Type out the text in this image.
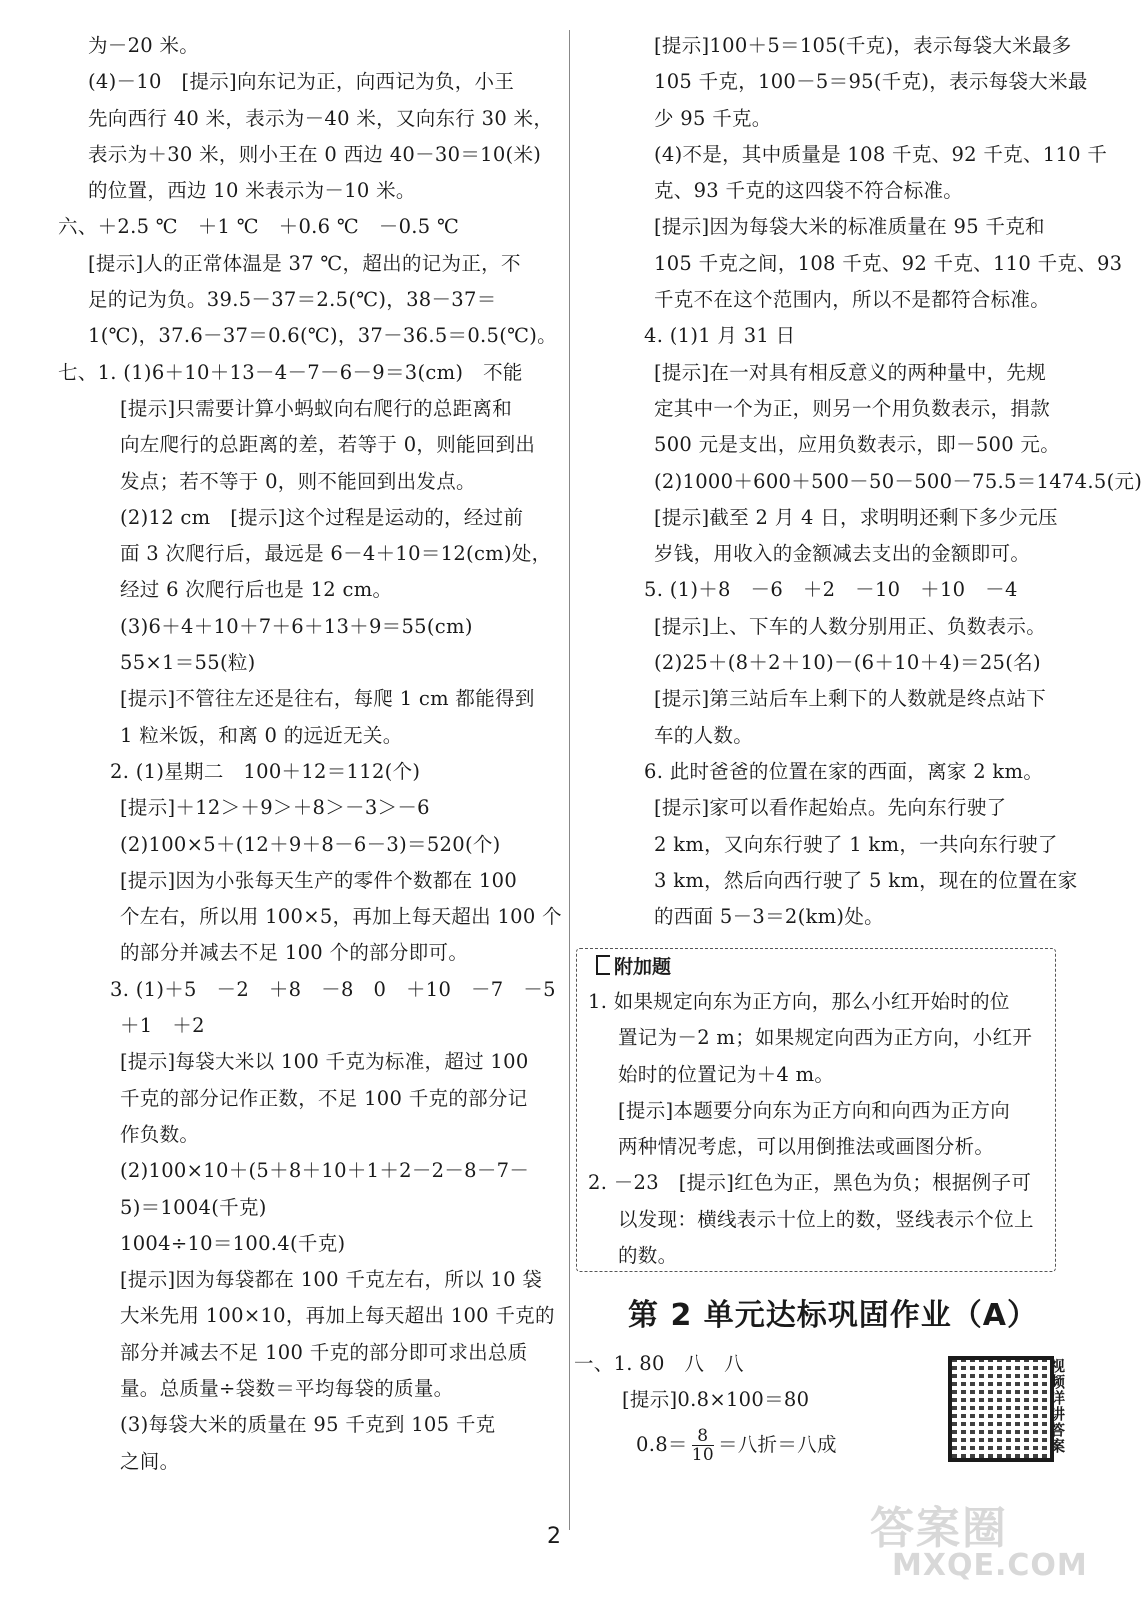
为－20 米。
(4)－10　[提示]向东记为正，向西记为负，小王
先向西行 40 米，表示为－40 米，又向东行 30 米，
表示为＋30 米，则小王在 0 西边 40－30＝10(米)
的位置，西边 10 米表示为－10 米。
六、＋2.5 ℃　＋1 ℃　＋0.6 ℃　－0.5 ℃
[提示]人的正常体温是 37 ℃，超出的记为正，不
足的记为负。39.5－37＝2.5(℃)，38－37＝
1(℃)，37.6－37＝0.6(℃)，37－36.5＝0.5(℃)。
七、1. (1)6＋10＋13－4－7－6－9＝3(cm)　不能
[提示]只需要计算小蚂蚁向右爬行的总距离和
向左爬行的总距离的差，若等于 0，则能回到出
发点；若不等于 0，则不能回到出发点。
(2)12 cm　[提示]这个过程是运动的，经过前
面 3 次爬行后，最远是 6－4＋10＝12(cm)处，
经过 6 次爬行后也是 12 cm。
(3)6＋4＋10＋7＋6＋13＋9＝55(cm)
55×1＝55(粒)
[提示]不管往左还是往右，每爬 1 cm 都能得到
1 粒米饭，和离 0 的远近无关。
2. (1)星期二　100＋12＝112(个)
[提示]＋12＞＋9＞＋8＞－3＞－6
(2)100×5＋(12＋9＋8－6－3)＝520(个)
[提示]因为小张每天生产的零件个数都在 100
个左右，所以用 100×5，再加上每天超出 100 个
的部分并减去不足 100 个的部分即可。
3. (1)＋5　－2　＋8　－8　0　＋10　－7　－5
＋1　＋2
[提示]每袋大米以 100 千克为标准，超过 100
千克的部分记作正数，不足 100 千克的部分记
作负数。
(2)100×10＋(5＋8＋10＋1＋2－2－8－7－
5)＝1004(千克)
1004÷10＝100.4(千克)
[提示]因为每袋都在 100 千克左右，所以 10 袋
大米先用 100×10，再加上每天超出 100 千克的
部分并减去不足 100 千克的部分即可求出总质
量。总质量÷袋数＝平均每袋的质量。
(3)每袋大米的质量在 95 千克到 105 千克
之间。
[提示]100＋5＝105(千克)，表示每袋大米最多
105 千克，100－5＝95(千克)，表示每袋大米最
少 95 千克。
(4)不是，其中质量是 108 千克、92 千克、110 千
克、93 千克的这四袋不符合标准。
[提示]因为每袋大米的标准质量在 95 千克和
105 千克之间，108 千克、92 千克、110 千克、93
千克不在这个范围内，所以不是都符合标准。
4. (1)1 月 31 日
[提示]在一对具有相反意义的两种量中，先规
定其中一个为正，则另一个用负数表示，捐款
500 元是支出，应用负数表示，即－500 元。
(2)1000＋600＋500－50－500－75.5＝1474.5(元)
[提示]截至 2 月 4 日，求明明还剩下多少元压
岁钱，用收入的金额减去支出的金额即可。
5. (1)＋8　－6　＋2　－10　＋10　－4
[提示]上、下车的人数分别用正、负数表示。
(2)25＋(8＋2＋10)－(6＋10＋4)＝25(名)
[提示]第三站后车上剩下的人数就是终点站下
车的人数。
6. 此时爸爸的位置在家的西面，离家 2 km。
[提示]家可以看作起始点。先向东行驶了
2 km，又向东行驶了 1 km，一共向东行驶了
3 km，然后向西行驶了 5 km，现在的位置在家
的西面 5－3＝2(km)处。
附加题
1. 如果规定向东为正方向，那么小红开始时的位
置记为－2 m；如果规定向西为正方向，小红开
始时的位置记为＋4 m。
[提示]本题要分向东为正方向和向西为正方向
两种情况考虑，可以用倒推法或画图分析。
2. －23　[提示]红色为正，黑色为负；根据例子可
以发现：横线表示十位上的数，竖线表示个位上
的数。
第 2 单元达标巩固作业（A）
一、1. 80　八　八
[提示]0.8×100＝80
$0.8= \frac{8}{10}$ ＝八折＝八成
视频详讲答案
答案圈
MXQE.COM
2
